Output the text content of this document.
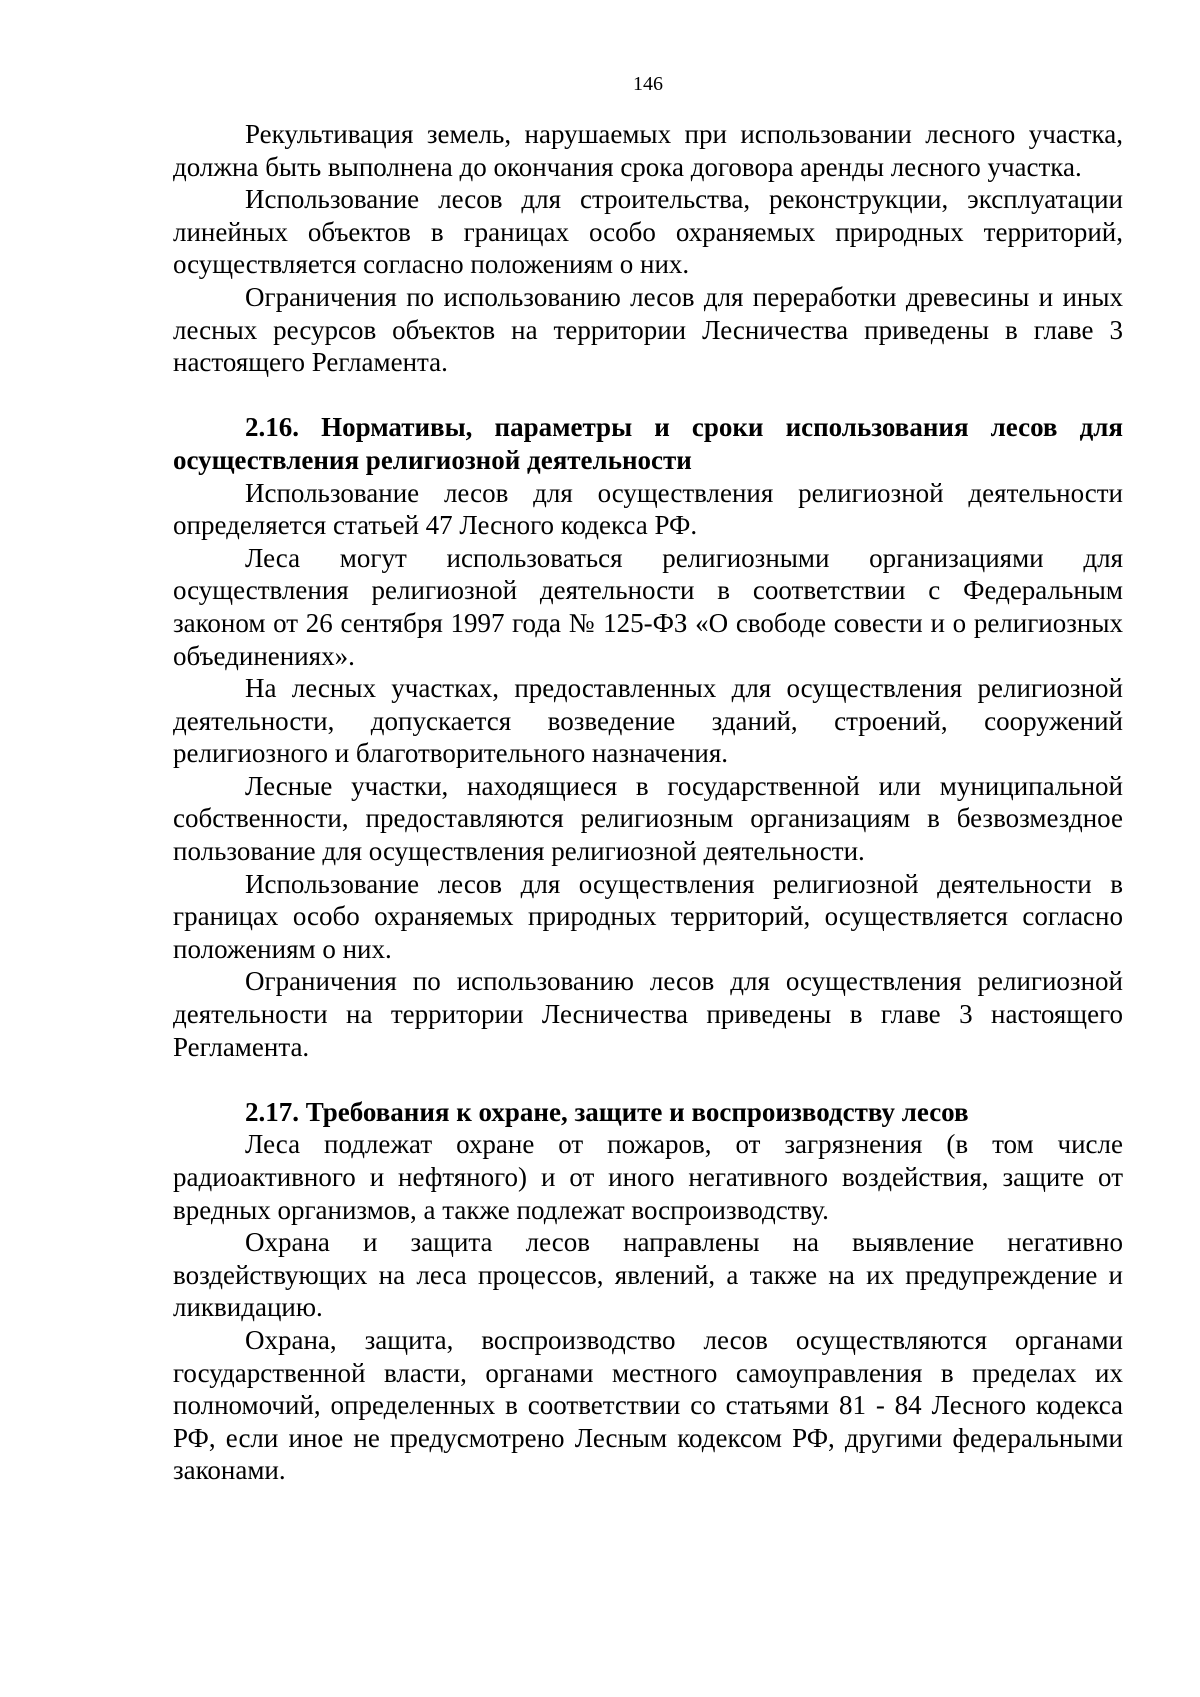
146

Рекультивация земель, нарушаемых при использовании лесного участка, должна быть выполнена до окончания срока договора аренды лесного участка.

Использование лесов для строительства, реконструкции, эксплуатации линейных объектов в границах особо охраняемых природных территорий, осуществляется согласно положениям о них.

Ограничения по использованию лесов для переработки древесины и иных лесных ресурсов объектов на территории Лесничества приведены в главе 3 настоящего Регламента.

2.16. Нормативы, параметры и сроки использования лесов для осуществления религиозной деятельности

Использование лесов для осуществления религиозной деятельности определяется статьей 47 Лесного кодекса РФ.

Леса могут использоваться религиозными организациями для осуществления религиозной деятельности в соответствии с Федеральным законом от 26 сентября 1997 года № 125-ФЗ «О свободе совести и о религиозных объединениях».

На лесных участках, предоставленных для осуществления религиозной деятельности, допускается возведение зданий, строений, сооружений религиозного и благотворительного назначения.

Лесные участки, находящиеся в государственной или муниципальной собственности, предоставляются религиозным организациям в безвозмездное пользование для осуществления религиозной деятельности.

Использование лесов для осуществления религиозной деятельности в границах особо охраняемых природных территорий, осуществляется согласно положениям о них.

Ограничения по использованию лесов для осуществления религиозной деятельности на территории Лесничества приведены в главе 3 настоящего Регламента.

2.17. Требования к охране, защите и воспроизводству лесов

Леса подлежат охране от пожаров, от загрязнения (в том числе радиоактивного и нефтяного) и от иного негативного воздействия, защите от вредных организмов, а также подлежат воспроизводству.

Охрана и защита лесов направлены на выявление негативно воздействующих на леса процессов, явлений, а также на их предупреждение и ликвидацию.

Охрана, защита, воспроизводство лесов осуществляются органами государственной власти, органами местного самоуправления в пределах их полномочий, определенных в соответствии со статьями 81 - 84 Лесного кодекса РФ, если иное не предусмотрено Лесным кодексом РФ, другими федеральными законами.
